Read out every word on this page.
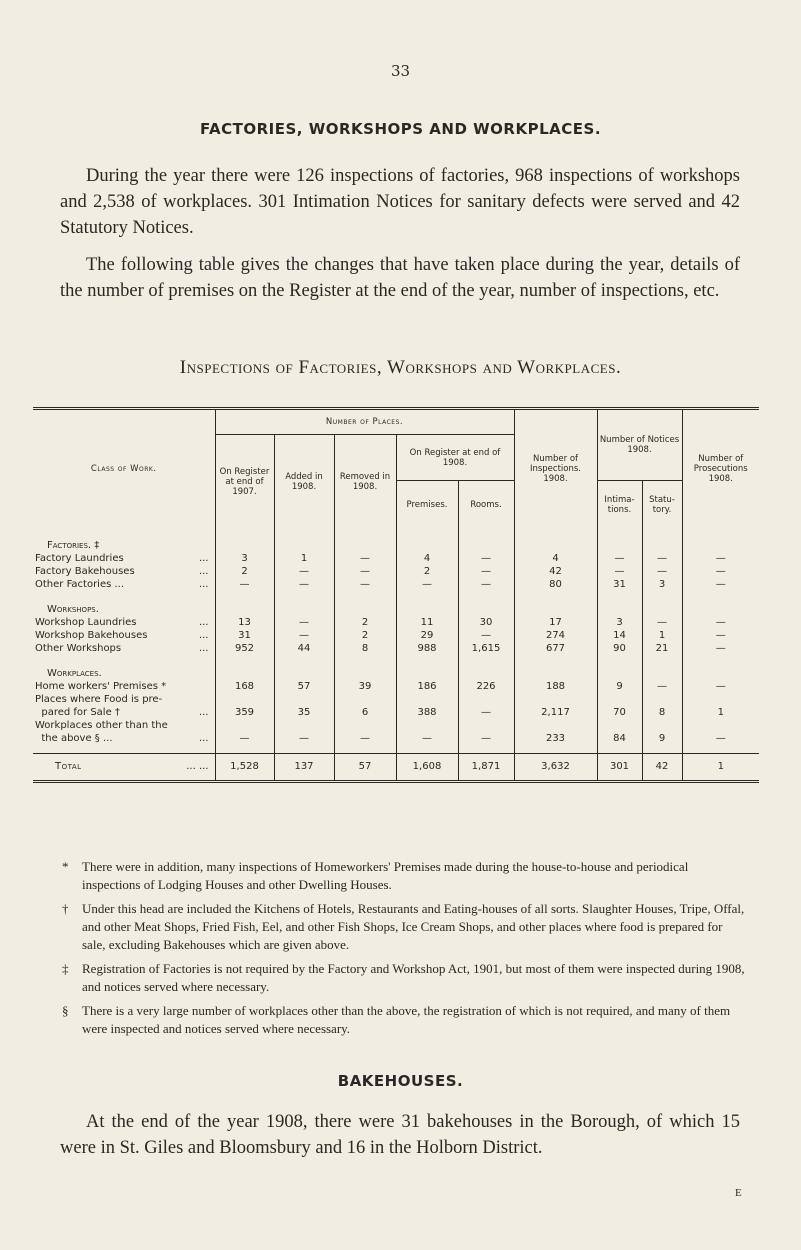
33
FACTORIES, WORKSHOPS AND WORKPLACES.

During the year there were 126 inspections of factories, 968 inspections of workshops and 2,538 of workplaces. 301 Intimation Notices for sanitary defects were served and 42 Statutory Notices.

The following table gives the changes that have taken place during the year, details of the number of premises on the Register at the end of the year, number of inspections, etc.

Inspections of Factories, Workshops and Workplaces.
Class of Work.	Number of Places.					Number of Inspections. 1908.	Number of Notices 1908.		Number of Prosecutions 1908.
	On Register at end of 1907.	Added in 1908.	Removed in 1908.	On Register at end of 1908.					
				Premises.	Rooms.		Intima- tions.	Statu- tory.	

Factories. ‡									
Factory Laundries ...	3	1	—	4	—	4	—	—	—
Factory Bakehouses ...	2	—	—	2	—	42	—	—	—
Other Factories ... ...	—	—	—	—	—	80	31	3	—

Workshops.									
Workshop Laundries ...	13	—	2	11	30	17	3	—	—
Workshop Bakehouses ...	31	—	2	29	—	274	14	1	—
Other Workshops ...	952	44	8	988	1,615	677	90	21	—

Workplaces.									
Home workers' Premises *	168	57	39	186	226	188	9	—	—
Places where Food is pre-

pared for Sale † ...	359	35	6	388	—	2,117	70	8	1
Workplaces other than the

the above § ... ...	—	—	—	—	—	233	84	9	—

Total ... ...	1,528	137	57	1,608	1,871	3,632	301	42	1
* There were in addition, many inspections of Homeworkers' Premises made during the house-to-house and periodical inspections of Lodging Houses and other Dwelling Houses.
† Under this head are included the Kitchens of Hotels, Restaurants and Eating-houses of all sorts. Slaughter Houses, Tripe, Offal, and other Meat Shops, Fried Fish, Eel, and other Fish Shops, Ice Cream Shops, and other places where food is prepared for sale, excluding Bakehouses which are given above.
‡ Registration of Factories is not required by the Factory and Workshop Act, 1901, but most of them were inspected during 1908, and notices served where necessary.
§ There is a very large number of workplaces other than the above, the registration of which is not required, and many of them were inspected and notices served where necessary.
BAKEHOUSES.

At the end of the year 1908, there were 31 bakehouses in the Borough, of which 15 were in St. Giles and Bloomsbury and 16 in the Holborn District.

E
